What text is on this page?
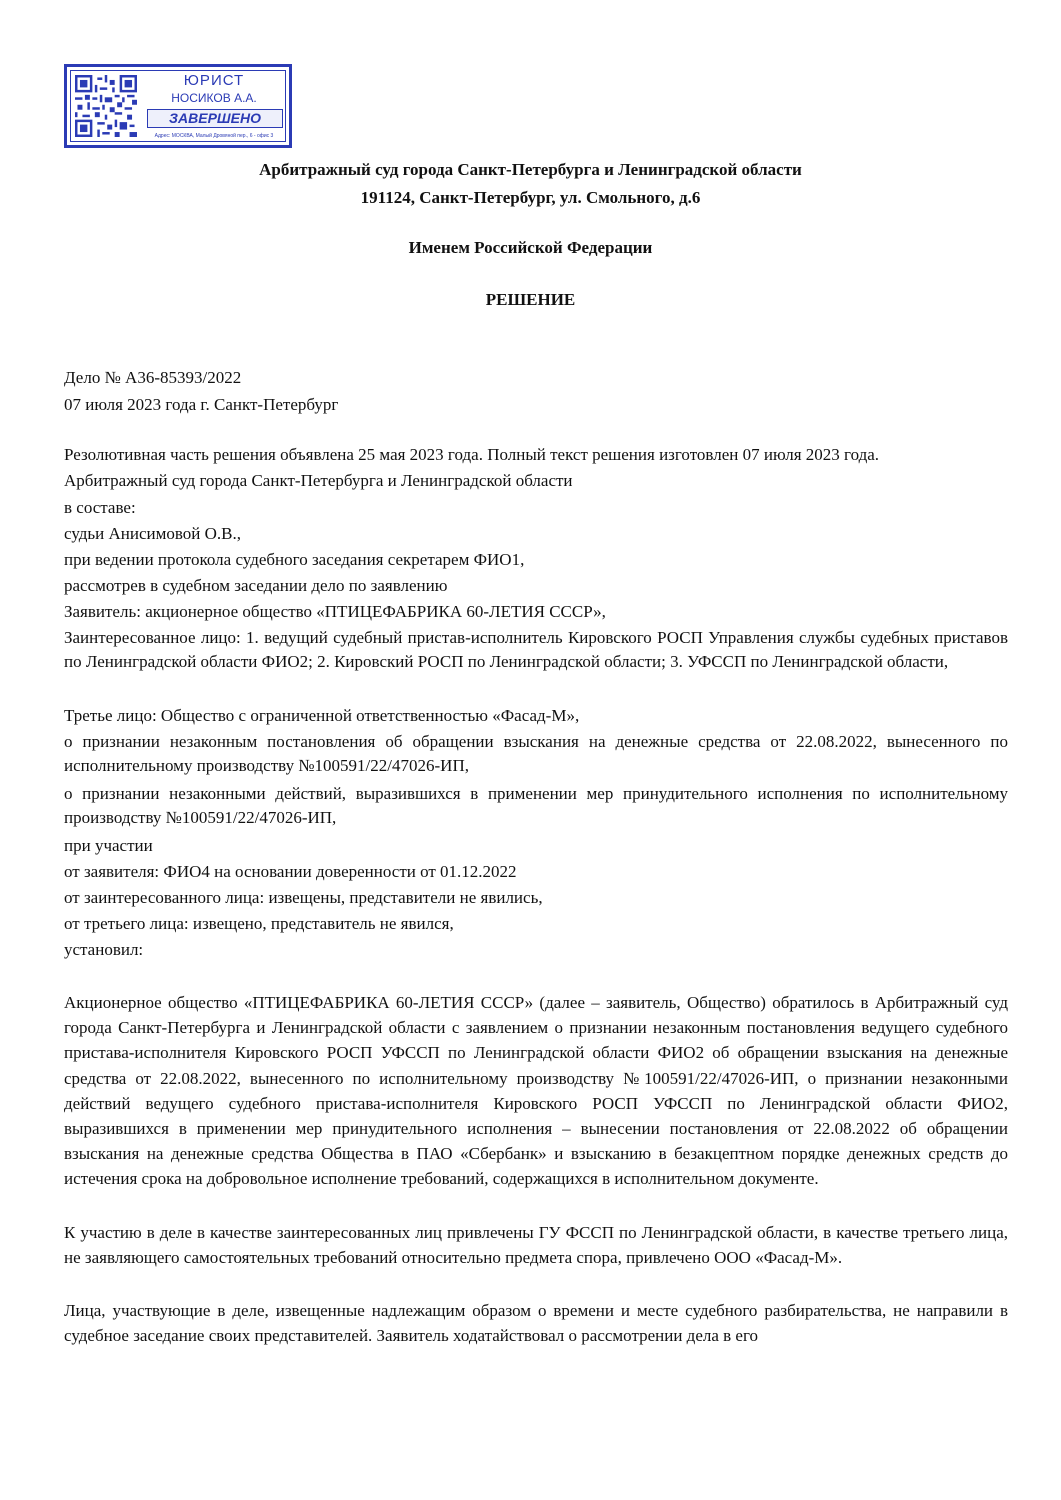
ЮРИСТ
НОСИКОВ А.А.
ЗАВЕРШЕНО
Адрес: МОСКВА, Малый Дровяной пер., 6 - офис 3
Арбитражный суд города Санкт-Петербурга и Ленинградской области
191124, Санкт-Петербург, ул. Смольного, д.6
Именем Российской Федерации
РЕШЕНИЕ
Дело № А36-85393/2022
07 июля 2023 года г. Санкт-Петербург
Резолютивная часть решения объявлена 25 мая 2023 года. Полный текст решения изготовлен 07 июля 2023 года.
Арбитражный суд города Санкт-Петербурга и Ленинградской области
в составе:
судьи Анисимовой О.В.,
при ведении протокола судебного заседания секретарем ФИО1,
рассмотрев в судебном заседании дело по заявлению
Заявитель: акционерное общество «ПТИЦЕФАБРИКА 60-ЛЕТИЯ СССР»,
Заинтересованное лицо: 1. ведущий судебный пристав-исполнитель Кировского РОСП Управления службы судебных приставов по Ленинградской области ФИО2; 2. Кировский РОСП по Ленинградской области; 3. УФССП по Ленинградской области,
Третье лицо: Общество с ограниченной ответственностью «Фасад-М»,
о признании незаконным постановления об обращении взыскания на денежные средства от 22.08.2022, вынесенного по исполнительному производству №100591/22/47026-ИП,
о признании незаконными действий, выразившихся в применении мер принудительного исполнения по исполнительному производству №100591/22/47026-ИП,
при участии
от заявителя: ФИО4 на основании доверенности от 01.12.2022
от заинтересованного лица: извещены, представители не явились,
от третьего лица: извещено, представитель не явился,
установил:
Акционерное общество «ПТИЦЕФАБРИКА 60-ЛЕТИЯ СССР» (далее – заявитель, Общество) обратилось в Арбитражный суд города Санкт-Петербурга и Ленинградской области с заявлением о признании незаконным постановления ведущего судебного пристава-исполнителя Кировского РОСП УФССП по Ленинградской области ФИО2 об обращении взыскания на денежные средства от 22.08.2022, вынесенного по исполнительному производству №100591/22/47026-ИП, о признании незаконными действий ведущего судебного пристава-исполнителя Кировского РОСП УФССП по Ленинградской области ФИО2, выразившихся в применении мер принудительного исполнения – вынесении постановления от 22.08.2022 об обращении взыскания на денежные средства Общества в ПАО «Сбербанк» и взысканию в безакцептном порядке денежных средств до истечения срока на добровольное исполнение требований, содержащихся в исполнительном документе.
К участию в деле в качестве заинтересованных лиц привлечены ГУ ФССП по Ленинградской области, в качестве третьего лица, не заявляющего самостоятельных требований относительно предмета спора, привлечено ООО «Фасад-М».
Лица, участвующие в деле, извещенные надлежащим образом о времени и месте судебного разбирательства, не направили в судебное заседание своих представителей. Заявитель ходатайствовал о рассмотрении дела в его
